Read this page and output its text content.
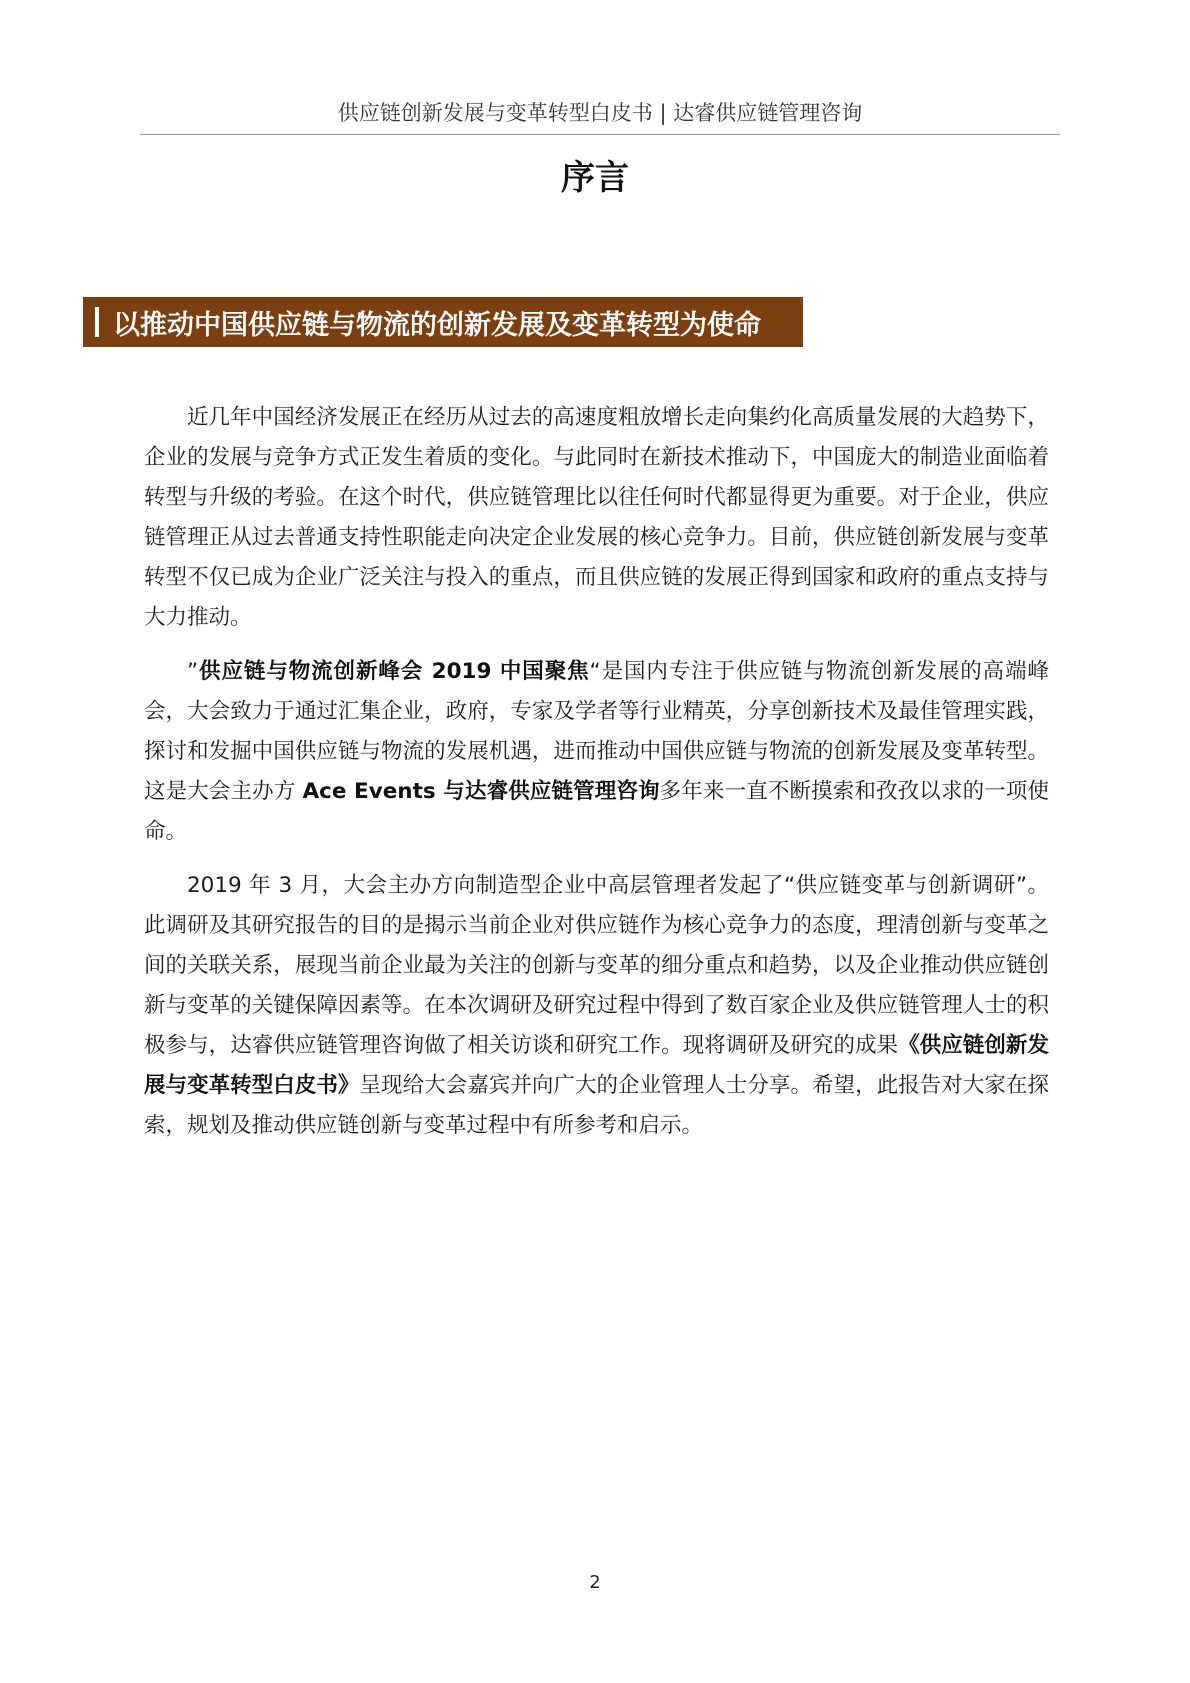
供应链创新发展与变革转型白皮书 | 达睿供应链管理咨询
序言
以推动中国供应链与物流的创新发展及变革转型为使命

近几年中国经济发展正在经历从过去的高速度粗放增长走向集约化高质量发展的大趋势下，企业的发展与竞争方式正发生着质的变化。与此同时在新技术推动下，中国庞大的制造业面临着转型与升级的考验。在这个时代，供应链管理比以往任何时代都显得更为重要。对于企业，供应链管理正从过去普通支持性职能走向决定企业发展的核心竞争力。目前，供应链创新发展与变革转型不仅已成为企业广泛关注与投入的重点，而且供应链的发展正得到国家和政府的重点支持与大力推动。

”供应链与物流创新峰会 2019 中国聚焦“是国内专注于供应链与物流创新发展的高端峰会，大会致力于通过汇集企业，政府，专家及学者等行业精英，分享创新技术及最佳管理实践，探讨和发掘中国供应链与物流的发展机遇，进而推动中国供应链与物流的创新发展及变革转型。这是大会主办方 Ace Events 与达睿供应链管理咨询多年来一直不断摸索和孜孜以求的一项使命。

2019 年 3 月，大会主办方向制造型企业中高层管理者发起了“供应链变革与创新调研”。此调研及其研究报告的目的是揭示当前企业对供应链作为核心竞争力的态度，理清创新与变革之间的关联关系，展现当前企业最为关注的创新与变革的细分重点和趋势，以及企业推动供应链创新与变革的关键保障因素等。在本次调研及研究过程中得到了数百家企业及供应链管理人士的积极参与，达睿供应链管理咨询做了相关访谈和研究工作。现将调研及研究的成果《供应链创新发展与变革转型白皮书》呈现给大会嘉宾并向广大的企业管理人士分享。希望，此报告对大家在探索，规划及推动供应链创新与变革过程中有所参考和启示。

2
